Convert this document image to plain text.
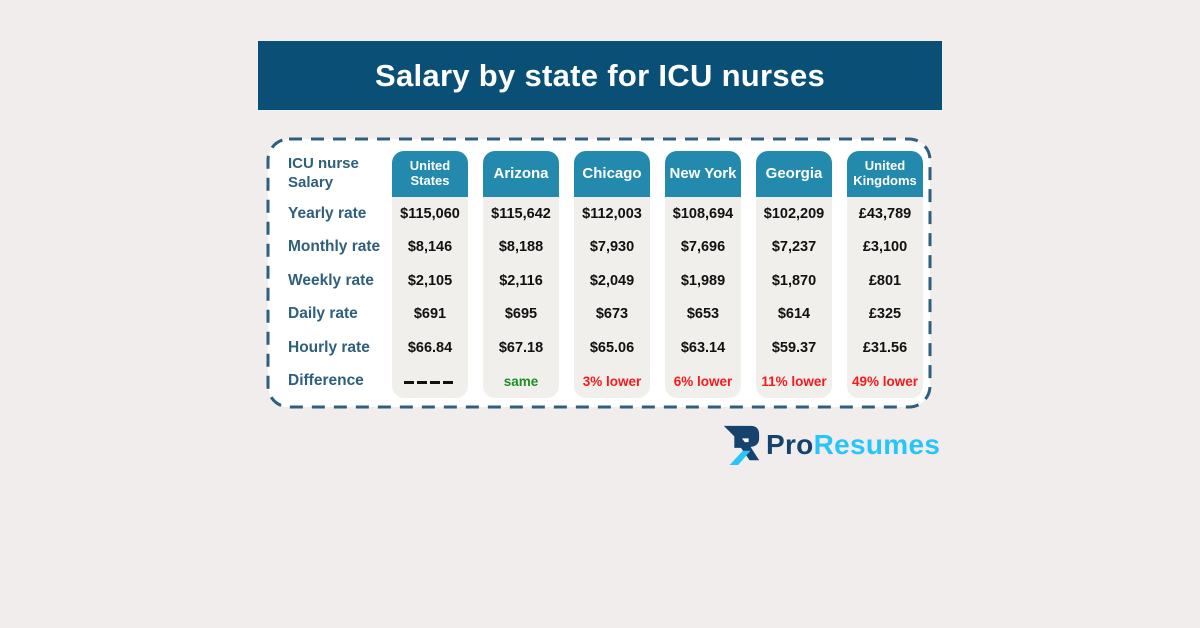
Salary by state for ICU nurses
ICU nurse Salary
Yearly rate
Monthly rate
Weekly rate
Daily rate
Hourly rate
Difference
United States
$115,060
$8,146
$2,105
$691
$66.84
▬▬▬▬
Arizona
$115,642
$8,188
$2,116
$695
$67.18
same
Chicago
$112,003
$7,930
$2,049
$673
$65.06
3% lower
New York
$108,694
$7,696
$1,989
$653
$63.14
6% lower
Georgia
$102,209
$7,237
$1,870
$614
$59.37
11% lower
United Kingdoms
£43,789
£3,100
£801
£325
£31.56
49% lower
ProResumes
